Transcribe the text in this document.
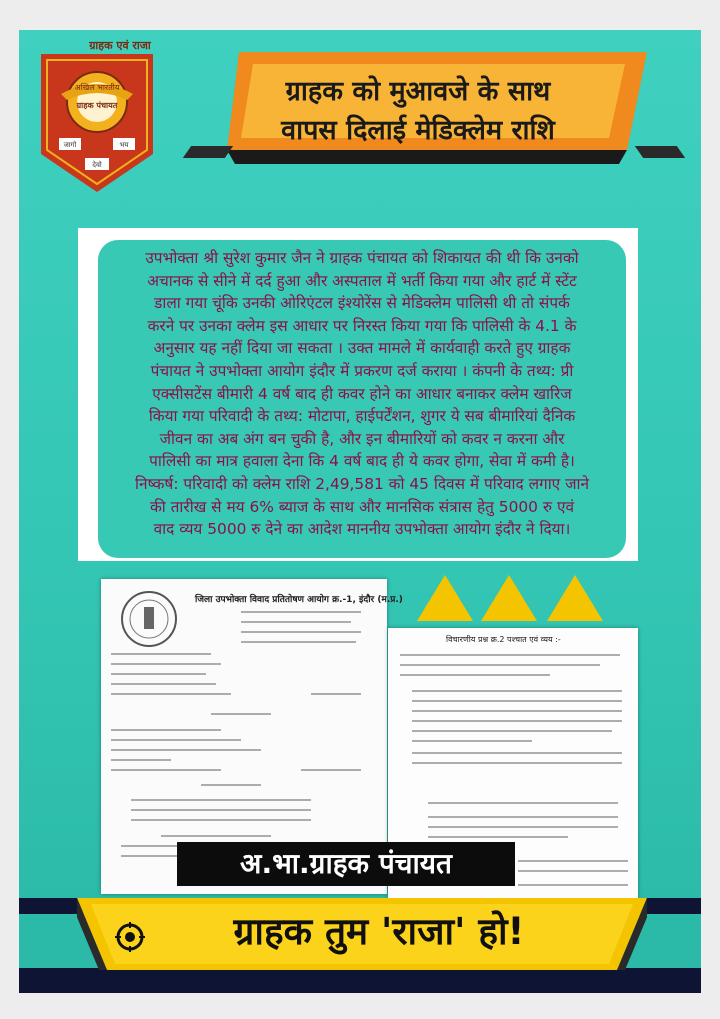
ग्राहक एवं राजा
अखिल भारतीय
ग्राहक पंचायत
जागो	भय
देवो
ग्राहक को मुआवजे के साथ
वापस दिलाई मेडिक्लेम राशि
उपभोक्ता श्री सुरेश कुमार जैन ने ग्राहक पंचायत को शिकायत की थी कि उनको
अचानक से सीने में दर्द हुआ और अस्पताल में भर्ती किया गया और हार्ट में स्टेंट
डाला गया चूंकि उनकी ओरिएंटल इंश्योरेंस से मेडिक्लेम पालिसी थी तो संपर्क
करने पर उनका क्लेम इस आधार पर निरस्त किया गया कि पालिसी के 4.1 के
अनुसार यह नहीं दिया जा सकता । उक्त मामले में कार्यवाही करते हुए ग्राहक
पंचायत ने उपभोक्ता आयोग इंदौर में प्रकरण दर्ज कराया । कंपनी के तथ्य: प्री
एक्सीसटेंस बीमारी 4 वर्ष बाद ही कवर होने का आधार बनाकर क्लेम खारिज
किया गया परिवादी के तथ्य: मोटापा, हाईपर्टेंशन, शुगर ये सब बीमारियां दैनिक
जीवन का अब अंग बन चुकी है, और इन बीमारियों को कवर न करना और
पालिसी का मात्र हवाला देना कि 4 वर्ष बाद ही ये कवर होगा, सेवा में कमी है।
निष्कर्ष: परिवादी को क्लेम राशि 2,49,581 को 45 दिवस में परिवाद लगाए जाने
की तारीख से मय 6% ब्याज के साथ और मानसिक संत्रास हेतु 5000 रु एवं
वाद व्यय 5000 रु देने का आदेश माननीय उपभोक्ता आयोग इंदौर ने दिया।
जिला उपभोक्ता विवाद प्रतितोषण आयोग क्र.-1, इंदौर (म.प्र.)
विचारणीय प्रश्न क्र.2 पश्चात एवं व्यय :-
अ.भा.ग्राहक पंचायत
ग्राहक तुम 'राजा' हो!
